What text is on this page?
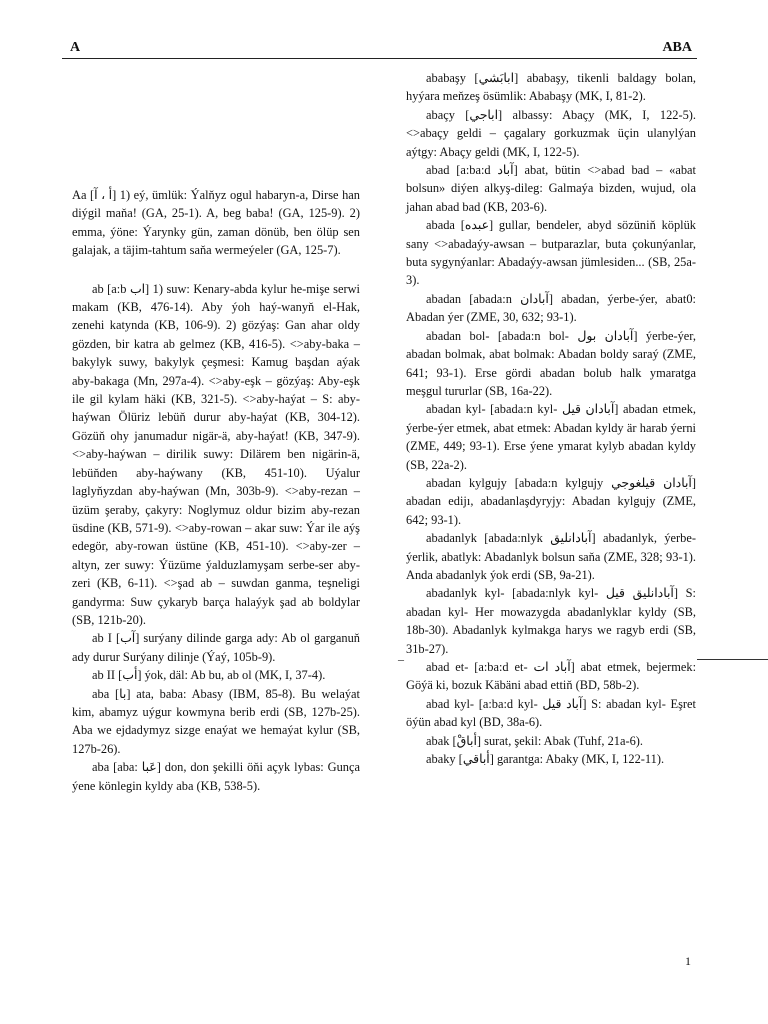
A	ABA

Aa [أ ، آ] 1) eý, ümlük: Ýalňyz ogul habaryn-a, Dirse han diýgil maňa! (GA, 25-1). A, beg baba! (GA, 125-9). 2) emma, ýöne: Ýarynky gün, zaman dönüb, ben ölüp sen galajak, a täjim-tahtum saňa wermeýeler (GA, 125-7).

ab [a:b اب] 1) suw: Kenary-abda kylur he-mişe serwi makam (KB, 476-14). Aby ýoh haý-wanyň el-Hak, zenehi katynda (KB, 106-9). 2) gözýaş: Gan ahar oldy gözden, bir katra ab gelmez (KB, 416-5). <>aby-baka – bakylyk suwy, bakylyk çeşmesi: Kamug başdan aýak aby-bakaga (Mn, 297a-4). <>aby-eşk – gözýaş: Aby-eşk ile gil kylam häki (KB, 321-5). <>aby-haýat – S: aby-haýwan Ölüriz lebüň durur aby-haýat (KB, 304-12). Gözüň ohy janumadur nigär-ä, aby-haýat! (KB, 347-9). <>aby-haýwan – dirilik suwy: Dilärem ben nigärin-ä, lebüňden aby-haýwany (KB, 451-10). Uýalur laglyňyzdan aby-haýwan (Mn, 303b-9). <>aby-rezan – üzüm şeraby, çakyry: Noglymuz oldur bizim aby-rezan üsdine (KB, 571-9). <>aby-rowan – akar suw: Ýar ile aýş edegör, aby-rowan üstüne (KB, 451-10). <>aby-zer – altyn, zer suwy: Ýüzüme ýalduzlamyşam serbe-ser aby-zeri (KB, 6-11). <>şad ab – suwdan ganma, teşneligi gandyrma: Suw çykaryb barça halaýyk şad ab boldylar (SB, 121b-20).

ab I [آب] surýany dilinde garga ady: Ab ol garganuň ady durur Surýany dilinje (Ýaý, 105b-9).

ab II [أب] ýok, däl: Ab bu, ab ol (MK, I, 37-4).

aba [با] ata, baba: Abasy (IBM, 85-8). Bu welaýat kim, abamyz uýgur kowmyna berib erdi (SB, 127b-25). Aba we ejdadymyz sizge enaýat we hemaýat kylur (SB, 127b-26).

aba [aba: عَبا] don, don şekilli öňi açyk lybas: Gunça ýene könlegin kyldy aba (KB, 538-5).

ababaşy [ابابَشي] ababaşy, tikenli baldagy bolan, hyýara meňzeş ösümlik: Ababaşy (MK, I, 81-2).

abaçy [اباجي] albassy: Abaçy (MK, I, 122-5). <>abaçy geldi – çagalary gorkuzmak üçin ulanylýan aýtgy: Abaçy geldi (MK, I, 122-5).

abad [a:ba:d آباد] abat, bütin <>abad bad – «abat bolsun» diýen alkyş-dileg: Galmaýa bizden, wujud, ola jahan abad bad (KB, 203-6).

abada [عبده] gullar, bendeler, abyd sözüniň köplük sany <>abadaýy-awsan – butparazlar, buta çokunýanlar, buta sygynýanlar: Abadaýy-awsan jümlesiden... (SB, 25a-3).

abadan [abada:n آبادان] abadan, ýerbe-ýer, abat0: Abadan ýer (ZME, 30, 632; 93-1).

abadan bol- [abada:n bol- آبادان بول] ýerbe-ýer, abadan bolmak, abat bolmak: Abadan boldy saraý (ZME, 641; 93-1). Erse gördi abadan bolub halk ymaratga meşgul tururlar (SB, 16a-22).

abadan kyl- [abada:n kyl- آبادان قيل] abadan etmek, ýerbe-ýer etmek, abat etmek: Abadan kyldy är harab ýerni (ZME, 449; 93-1). Erse ýene ymarat kylyb abadan kyldy (SB, 22a-2).

abadan kylgujy [abada:n kylgujy آبادان قيلغوجي] abadan edijı, abadanlaşdyryjy: Abadan kylgujy (ZME, 642; 93-1).

abadanlyk [abada:nlyk آبادانليق] abadanlyk, ýerbe-ýerlik, abatlyk: Abadanlyk bolsun saňa (ZME, 328; 93-1). Anda abadanlyk ýok erdi (SB, 9a-21).

abadanlyk kyl- [abada:nlyk kyl- آبادانليق قيل] S: abadan kyl- Her mowazygda abadanlyklar kyldy (SB, 18b-30). Abadanlyk kylmakga harys we ragyb erdi (SB, 31b-27).

abad et- [a:ba:d et- آباد ات] abat etmek, bejermek: Göýä ki, bozuk Käbäni abad ettiň (BD, 58b-2).

abad kyl- [a:ba:d kyl- آباد قيل] S: abadan kyl- Eşret öýün abad kyl (BD, 38a-6).

abak [أباقْ] surat, şekil: Abak (Tuhf, 21a-6).

abaky [أباقي] garantga: Abaky (MK, I, 122-11).

–
1
